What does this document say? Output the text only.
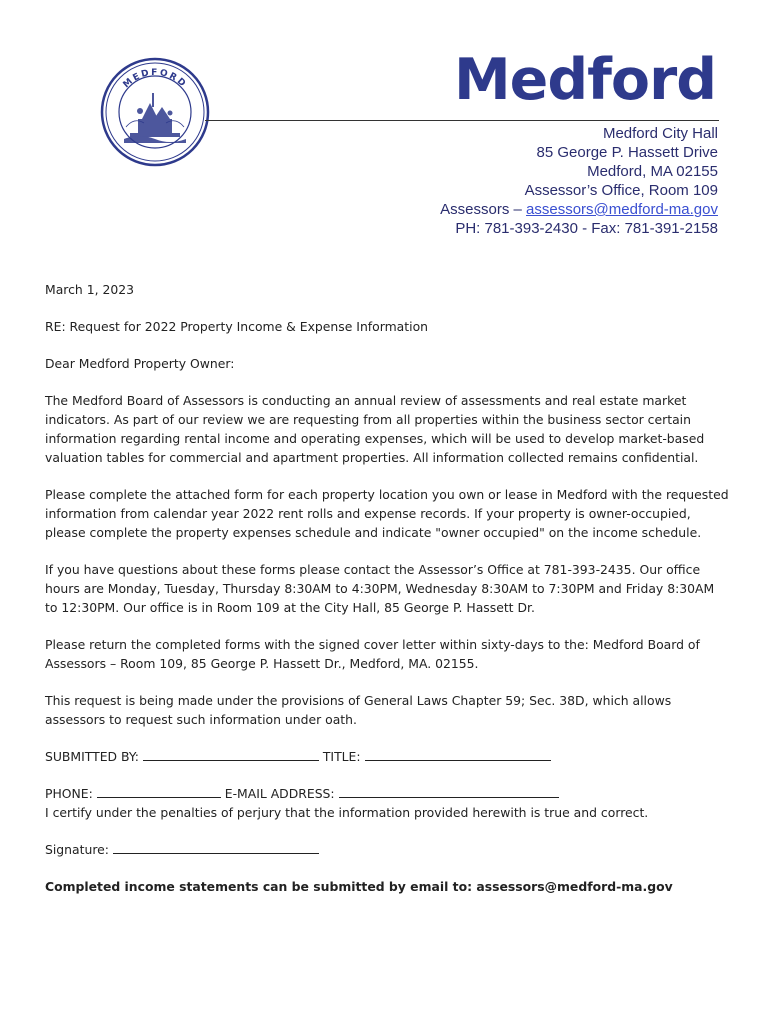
MEDFORD	Medford
Medford City Hall
85 George P. Hassett Drive
Medford, MA 02155
Assessor’s Office, Room 109
Assessors – assessors@medford-ma.gov
PH: 781-393-2430 - Fax: 781-391-2158

March 1, 2023

RE: Request for 2022 Property Income & Expense Information

Dear Medford Property Owner:

The Medford Board of Assessors is conducting an annual review of assessments and real estate market indicators. As part of our review we are requesting from all properties within the business sector certain information regarding rental income and operating expenses, which will be used to develop market-based valuation tables for commercial and apartment properties. All information collected remains confidential.

Please complete the attached form for each property location you own or lease in Medford with the requested information from calendar year 2022 rent rolls and expense records. If your property is owner-occupied, please complete the property expenses schedule and indicate "owner occupied" on the income schedule.

If you have questions about these forms please contact the Assessor’s Office at 781-393-2435. Our office hours are Monday, Tuesday, Thursday 8:30AM to 4:30PM, Wednesday 8:30AM to 7:30PM and Friday 8:30AM to 12:30PM. Our office is in Room 109 at the City Hall, 85 George P. Hassett Dr.

Please return the completed forms with the signed cover letter within sixty-days to the: Medford Board of Assessors – Room 109, 85 George P. Hassett Dr., Medford, MA. 02155.

This request is being made under the provisions of General Laws Chapter 59; Sec. 38D, which allows assessors to request such information under oath.

SUBMITTED BY:	TITLE:

PHONE:	E-MAIL ADDRESS:
I certify under the penalties of perjury that the information provided herewith is true and correct.

Signature:

Completed income statements can be submitted by email to: assessors@medford-ma.gov
